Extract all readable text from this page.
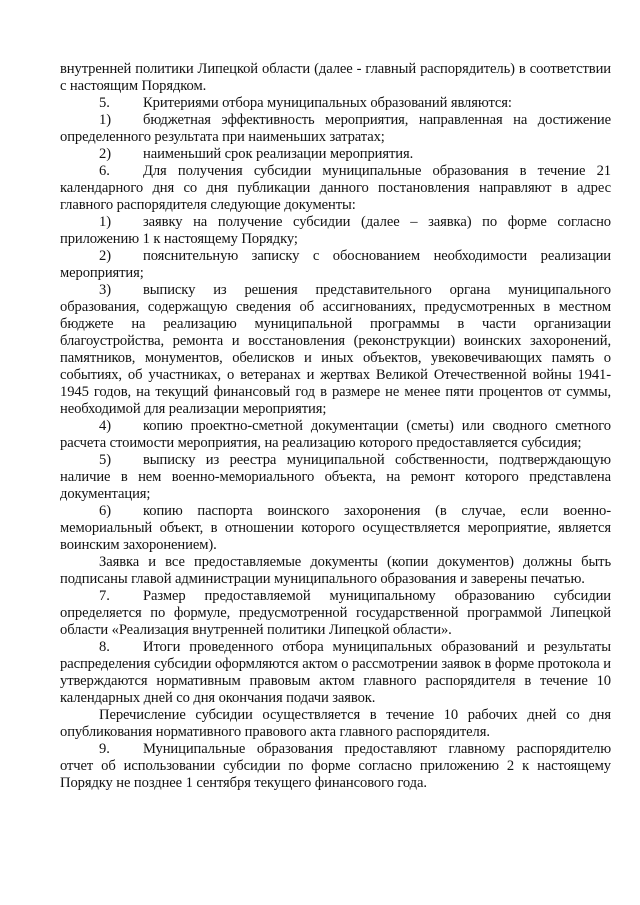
внутренней политики Липецкой области (далее - главный распорядитель) в соответствии с настоящим Порядком.

5. Критериями отбора муниципальных образований являются:

1) бюджетная эффективность мероприятия, направленная на достижение определенного результата при наименьших затратах;

2) наименьший срок реализации мероприятия.

6. Для получения субсидии муниципальные образования в течение 21 календарного дня со дня публикации данного постановления направляют в адрес главного распорядителя следующие документы:

1) заявку на получение субсидии (далее – заявка) по форме согласно приложению 1 к настоящему Порядку;

2) пояснительную записку с обоснованием необходимости реализации мероприятия;

3) выписку из решения представительного органа муниципального образования, содержащую сведения об ассигнованиях, предусмотренных в местном бюджете на реализацию муниципальной программы в части организации благоустройства, ремонта и восстановления (реконструкции) воинских захоронений, памятников, монументов, обелисков и иных объектов, увековечивающих память о событиях, об участниках, о ветеранах и жертвах Великой Отечественной войны 1941-1945 годов, на текущий финансовый год в размере не менее пяти процентов от суммы, необходимой для реализации мероприятия;

4) копию проектно-сметной документации (сметы) или сводного сметного расчета стоимости мероприятия, на реализацию которого предоставляется субсидия;

5) выписку из реестра муниципальной собственности, подтверждающую наличие в нем военно-мемориального объекта, на ремонт которого представлена документация;

6) копию паспорта воинского захоронения (в случае, если военно-мемориальный объект, в отношении которого осуществляется мероприятие, является воинским захоронением).

Заявка и все предоставляемые документы (копии документов) должны быть подписаны главой администрации муниципального образования и заверены печатью.

7. Размер предоставляемой муниципальному образованию субсидии определяется по формуле, предусмотренной государственной программой Липецкой области «Реализация внутренней политики Липецкой области».

8. Итоги проведенного отбора муниципальных образований и результаты распределения субсидии оформляются актом о рассмотрении заявок в форме протокола и утверждаются нормативным правовым актом главного распорядителя в течение 10 календарных дней со дня окончания подачи заявок.

Перечисление субсидии осуществляется в течение 10 рабочих дней со дня опубликования нормативного правового акта главного распорядителя.

9. Муниципальные образования предоставляют главному распорядителю отчет об использовании субсидии по форме согласно приложению 2 к настоящему Порядку не позднее 1 сентября текущего финансового года.
